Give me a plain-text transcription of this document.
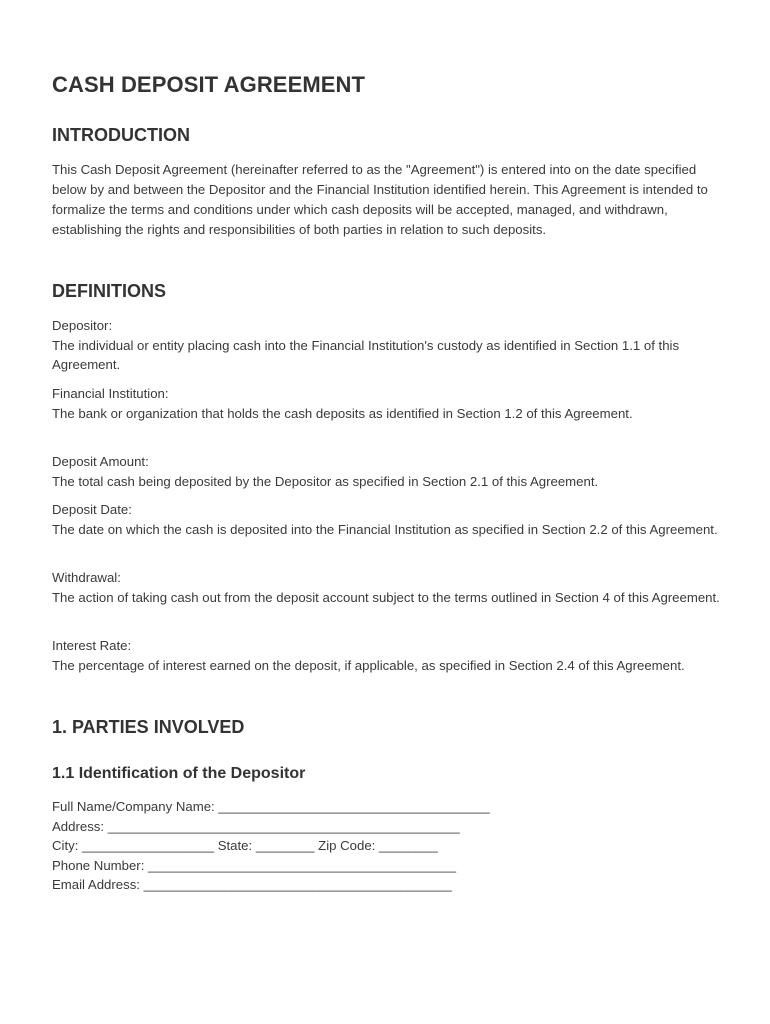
CASH DEPOSIT AGREEMENT
INTRODUCTION

This Cash Deposit Agreement (hereinafter referred to as the "Agreement") is entered into on the date specified below by and between the Depositor and the Financial Institution identified herein. This Agreement is intended to formalize the terms and conditions under which cash deposits will be accepted, managed, and withdrawn, establishing the rights and responsibilities of both parties in relation to such deposits.

DEFINITIONS
Depositor:
The individual or entity placing cash into the Financial Institution's custody as identified in Section 1.1 of this Agreement.
Financial Institution:
The bank or organization that holds the cash deposits as identified in Section 1.2 of this Agreement.
Deposit Amount:
The total cash being deposited by the Depositor as specified in Section 2.1 of this Agreement.
Deposit Date:
The date on which the cash is deposited into the Financial Institution as specified in Section 2.2 of this Agreement.
Withdrawal:
The action of taking cash out from the deposit account subject to the terms outlined in Section 4 of this Agreement.
Interest Rate:
The percentage of interest earned on the deposit, if applicable, as specified in Section 2.4 of this Agreement.
1. PARTIES INVOLVED
1.1 Identification of the Depositor
Full Name/Company Name: _____________________________________
Address: ________________________________________________
City: __________________ State: ________ Zip Code: ________
Phone Number: __________________________________________
Email Address: __________________________________________
